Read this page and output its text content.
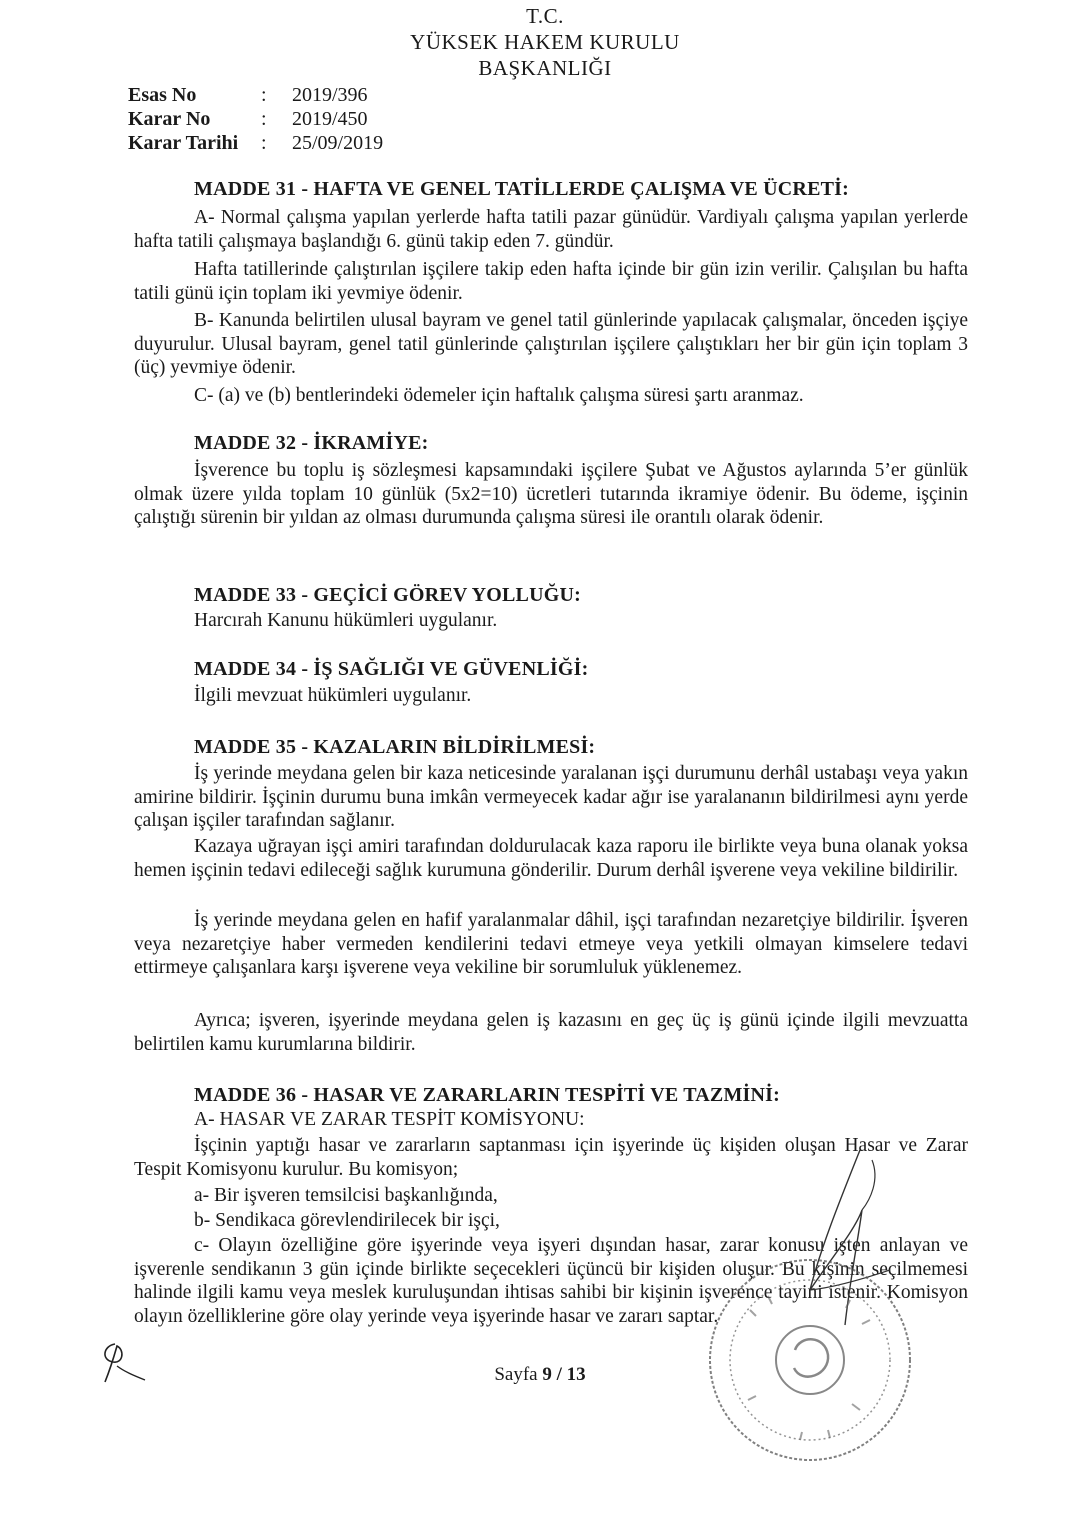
T.C.
YÜKSEK HAKEM KURULU
BAŞKANLIĞI
Esas No	: 2019/396
Karar No	: 2019/450
Karar Tarihi : 25/09/2019
MADDE 31 - HAFTA VE GENEL TATİLLERDE ÇALIŞMA VE ÜCRETİ:

A- Normal çalışma yapılan yerlerde hafta tatili pazar günüdür. Vardiyalı çalışma yapılan yerlerde hafta tatili çalışmaya başlandığı 6. günü takip eden 7. gündür.

Hafta tatillerinde çalıştırılan işçilere takip eden hafta içinde bir gün izin verilir. Çalışılan bu hafta tatili günü için toplam iki yevmiye ödenir.

B- Kanunda belirtilen ulusal bayram ve genel tatil günlerinde yapılacak çalışmalar, önceden işçiye duyurulur. Ulusal bayram, genel tatil günlerinde çalıştırılan işçilere çalıştıkları her bir gün için toplam 3 (üç) yevmiye ödenir.

C- (a) ve (b) bentlerindeki ödemeler için haftalık çalışma süresi şartı aranmaz.

MADDE 32 - İKRAMİYE:

İşverence bu toplu iş sözleşmesi kapsamındaki işçilere Şubat ve Ağustos aylarında 5’er günlük olmak üzere yılda toplam 10 günlük (5x2=10) ücretleri tutarında ikramiye ödenir. Bu ödeme, işçinin çalıştığı sürenin bir yıldan az olması durumunda çalışma süresi ile orantılı olarak ödenir.

MADDE 33 - GEÇİCİ GÖREV YOLLUĞU:
Harcırah Kanunu hükümleri uygulanır.
MADDE 34 - İŞ SAĞLIĞI VE GÜVENLİĞİ:
İlgili mevzuat hükümleri uygulanır.
MADDE 35 - KAZALARIN BİLDİRİLMESİ:

İş yerinde meydana gelen bir kaza neticesinde yaralanan işçi durumunu derhâl ustabaşı veya yakın amirine bildirir. İşçinin durumu buna imkân vermeyecek kadar ağır ise yaralananın bildirilmesi aynı yerde çalışan işçiler tarafından sağlanır.

Kazaya uğrayan işçi amiri tarafından doldurulacak kaza raporu ile birlikte veya buna olanak yoksa hemen işçinin tedavi edileceği sağlık kurumuna gönderilir. Durum derhâl işverene veya vekiline bildirilir.

İş yerinde meydana gelen en hafif yaralanmalar dâhil, işçi tarafından nezaretçiye bildirilir. İşveren veya nezaretçiye haber vermeden kendilerini tedavi etmeye veya yetkili olmayan kimselere tedavi ettirmeye çalışanlara karşı işverene veya vekiline bir sorumluluk yüklenemez.

Ayrıca; işveren, işyerinde meydana gelen iş kazasını en geç üç iş günü içinde ilgili mevzuatta belirtilen kamu kurumlarına bildirir.

MADDE 36 - HASAR VE ZARARLARIN TESPİTİ VE TAZMİNİ:
A- HASAR VE ZARAR TESPİT KOMİSYONU:

İşçinin yaptığı hasar ve zararların saptanması için işyerinde üç kişiden oluşan Hasar ve Zarar Tespit Komisyonu kurulur. Bu komisyon;

a- Bir işveren temsilcisi başkanlığında,
b- Sendikaca görevlendirilecek bir işçi,

c- Olayın özelliğine göre işyerinde veya işyeri dışından hasar, zarar konusu işten anlayan ve işverenle sendikanın 3 gün içinde birlikte seçecekleri üçüncü bir kişiden oluşur. Bu kişinin seçilmemesi halinde ilgili kamu veya meslek kuruluşundan ihtisas sahibi bir kişinin işverence tayini istenir. Komisyon olayın özelliklerine göre olay yerinde veya işyerinde hasar ve zararı saptar.

Sayfa 9 / 13
